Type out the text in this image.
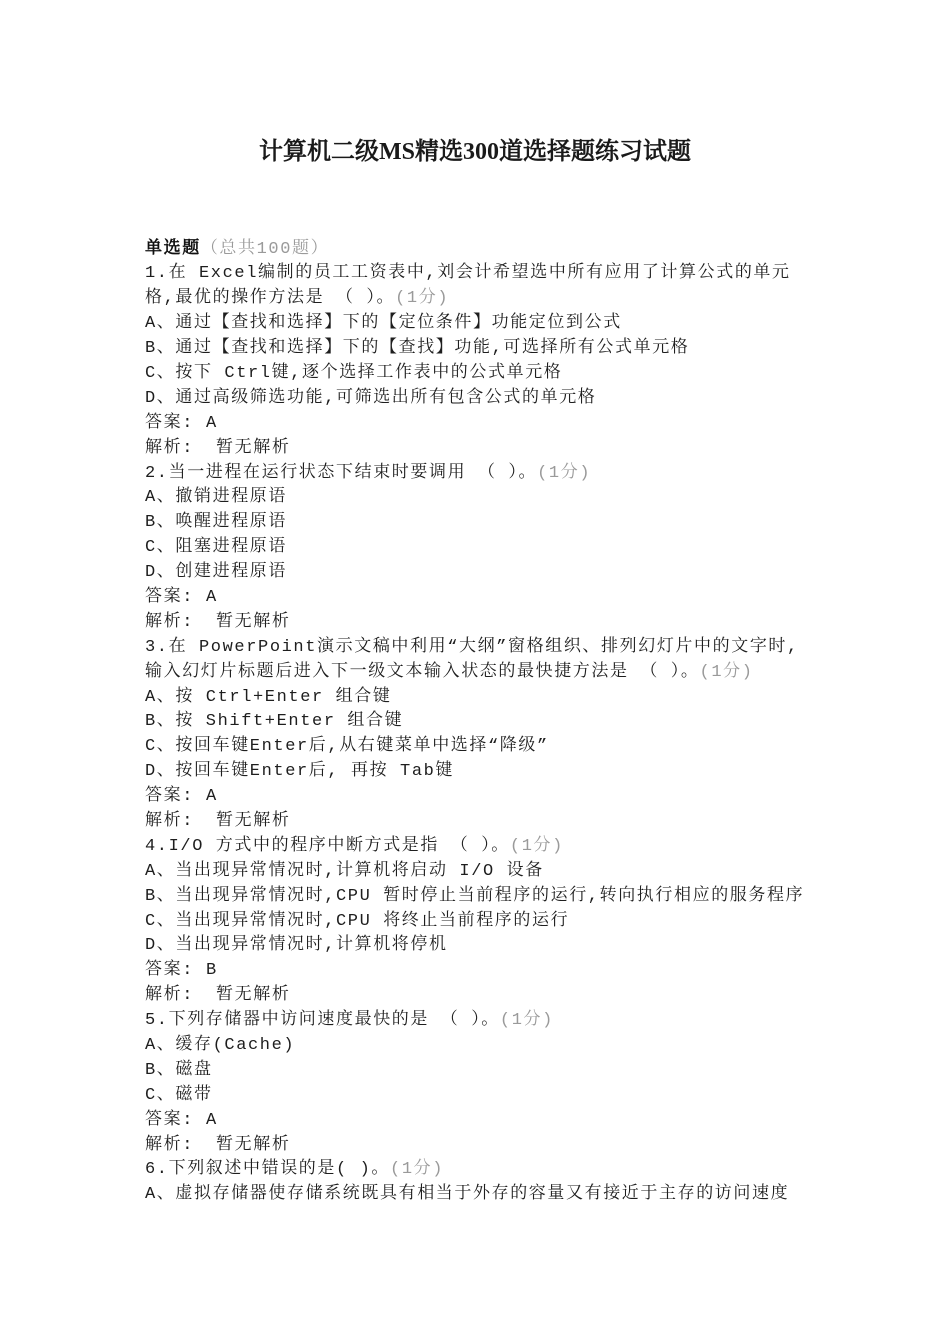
计算机二级MS精选300道选择题练习试题
单选题（总共100题）
1.在 Excel编制的员工工资表中,刘会计希望选中所有应用了计算公式的单元
格,最优的操作方法是 （ ）。(1分)
A、通过【查找和选择】下的【定位条件】功能定位到公式
B、通过【查找和选择】下的【查找】功能,可选择所有公式单元格
C、按下 Ctrl键,逐个选择工作表中的公式单元格
D、通过高级筛选功能,可筛选出所有包含公式的单元格
答案: A
解析: 暂无解析
2.当一进程在运行状态下结束时要调用 （ ）。(1分)
A、撤销进程原语
B、唤醒进程原语
C、阻塞进程原语
D、创建进程原语
答案: A
解析: 暂无解析
3.在 PowerPoint演示文稿中利用“大纲”窗格组织、排列幻灯片中的文字时,
输入幻灯片标题后进入下一级文本输入状态的最快捷方法是 （ ）。(1分)
A、按 Ctrl+Enter 组合键
B、按 Shift+Enter 组合键
C、按回车键Enter后,从右键菜单中选择“降级”
D、按回车键Enter后, 再按 Tab键
答案: A
解析: 暂无解析
4.I/O 方式中的程序中断方式是指 （ ）。(1分)
A、当出现异常情况时,计算机将启动 I/O 设备
B、当出现异常情况时,CPU 暂时停止当前程序的运行,转向执行相应的服务程序
C、当出现异常情况时,CPU 将终止当前程序的运行
D、当出现异常情况时,计算机将停机
答案: B
解析: 暂无解析
5.下列存储器中访问速度最快的是 （ ）。(1分)
A、缓存(Cache)
B、磁盘
C、磁带
答案: A
解析: 暂无解析
6.下列叙述中错误的是( )。(1分)
A、虚拟存储器使存储系统既具有相当于外存的容量又有接近于主存的访问速度
